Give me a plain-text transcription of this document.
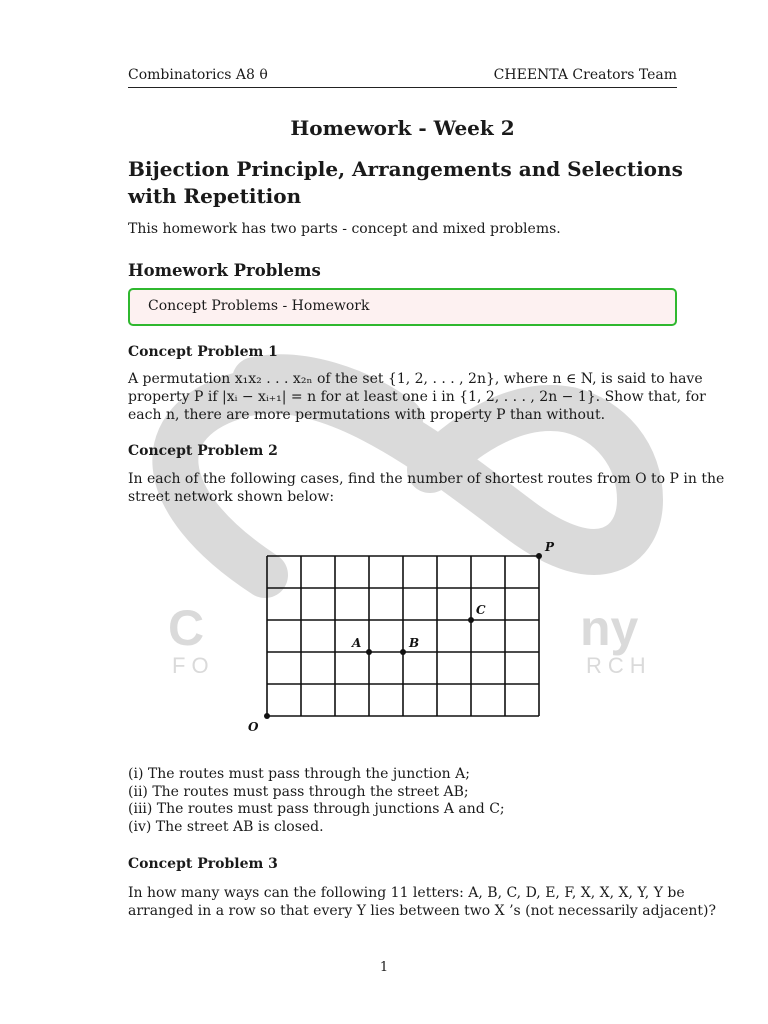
C	ny
FO	RCH
Combinatorics A8 θ	CHEENTA Creators Team
Homework - Week 2
Bijection Principle, Arrangements and Selections
with Repetition
This homework has two parts - concept and mixed problems.
Homework Problems
Concept Problems - Homework
Concept Problem 1
A permutation x₁x₂ . . . x₂ₙ of the set {1, 2, . . . , 2n}, where n ∈ N, is said to have
property P if |xᵢ − xᵢ₊₁| = n for at least one i in {1, 2, . . . , 2n − 1}. Show that, for
each n, there are more permutations with property P than without.
Concept Problem 2
In each of the following cases, find the number of shortest routes from O to P in the
street network shown below:
O
P
A	B
C
(i) The routes must pass through the junction A;
(ii) The routes must pass through the street AB;
(iii) The routes must pass through junctions A and C;
(iv) The street AB is closed.
Concept Problem 3
In how many ways can the following 11 letters: A, B, C, D, E, F, X, X, X, Y, Y be
arranged in a row so that every Y lies between two X ’s (not necessarily adjacent)?
1
